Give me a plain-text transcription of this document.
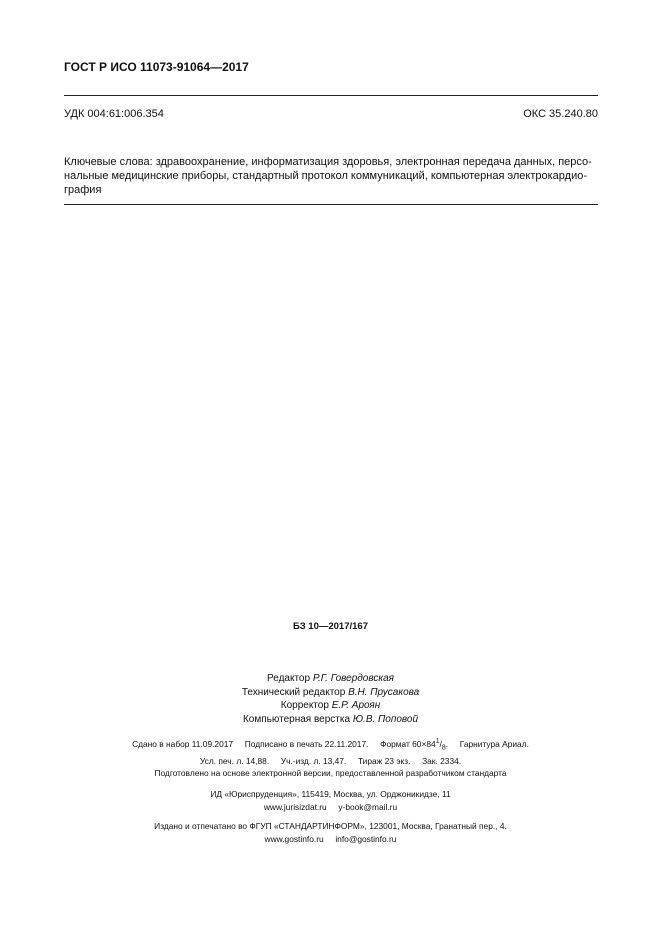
ГОСТ Р ИСО 11073-91064—2017
УДК 004:61:006.354	ОКС 35.240.80
Ключевые слова: здравоохранение, информатизация здоровья, электронная передача данных, персо-
нальные медицинские приборы, стандартный протокол коммуникаций, компьютерная электрокардио-
графия
БЗ 10—2017/167
Редактор Р.Г. Говердовская
Технический редактор В.Н. Прусакова
Корректор Е.Р. Ароян
Компьютерная верстка Ю.В. Поповой
Сдано в набор 11.09.2017 Подписано в печать 22.11.2017. Формат $60\times 84^1/_8$.     Гарнитура Ариал.
Усл. печ. л. 14,88. Уч.-изд. л. 13,47. Тираж 23 экз. Зак. 2334.
Подготовлено на основе электронной версии, предоставленной разработчиком стандарта
ИД «Юриспруденция», 115419, Москва, ул. Орджоникидзе, 11
www.jurisizdat.ru y-book@mail.ru
Издано и отпечатано во ФГУП «СТАНДАРТИНФОРМ», 123001, Москва, Гранатный пер., 4.
www.gostinfo.ru info@gostinfo.ru
